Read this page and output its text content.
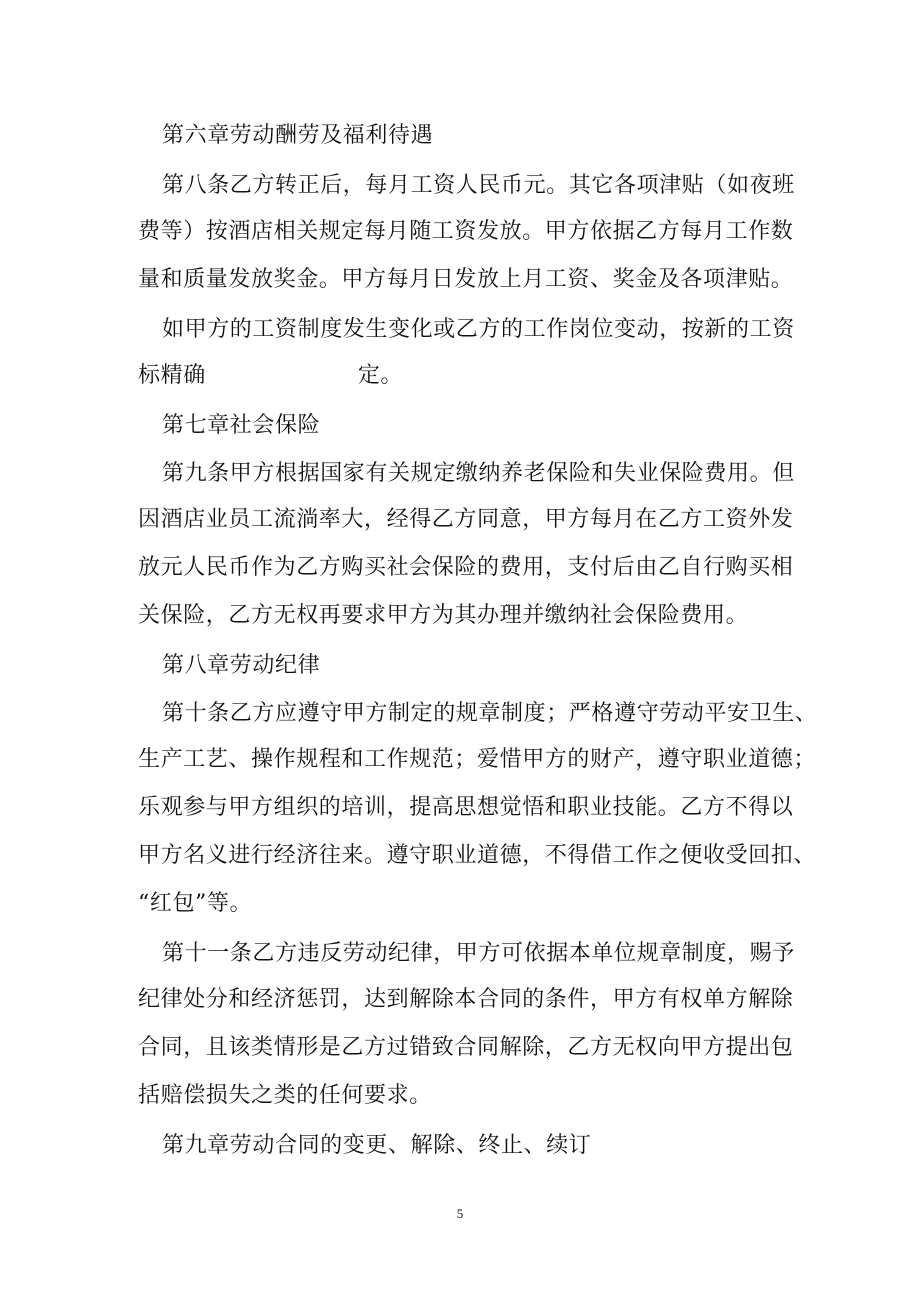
第六章劳动酬劳及福利待遇
第八条乙方转正后，每月工资人民币元。其它各项津贴（如夜班
费等）按酒店相关规定每月随工资发放。甲方依据乙方每月工作数
量和质量发放奖金。甲方每月日发放上月工资、奖金及各项津贴。
如甲方的工资制度发生变化或乙方的工作岗位变动，按新的工资
标精确	定。
第七章社会保险
第九条甲方根据国家有关规定缴纳养老保险和失业保险费用。但
因酒店业员工流淌率大，经得乙方同意，甲方每月在乙方工资外发
放元人民币作为乙方购买社会保险的费用，支付后由乙自行购买相
关保险，乙方无权再要求甲方为其办理并缴纳社会保险费用。
第八章劳动纪律
第十条乙方应遵守甲方制定的规章制度；严格遵守劳动平安卫生、
生产工艺、操作规程和工作规范；爱惜甲方的财产，遵守职业道德；
乐观参与甲方组织的培训，提高思想觉悟和职业技能。乙方不得以
甲方名义进行经济往来。遵守职业道德，不得借工作之便收受回扣、
“红包”等。
第十一条乙方违反劳动纪律，甲方可依据本单位规章制度，赐予
纪律处分和经济惩罚，达到解除本合同的条件，甲方有权单方解除
合同，且该类情形是乙方过错致合同解除，乙方无权向甲方提出包
括赔偿损失之类的任何要求。
第九章劳动合同的变更、解除、终止、续订
5
